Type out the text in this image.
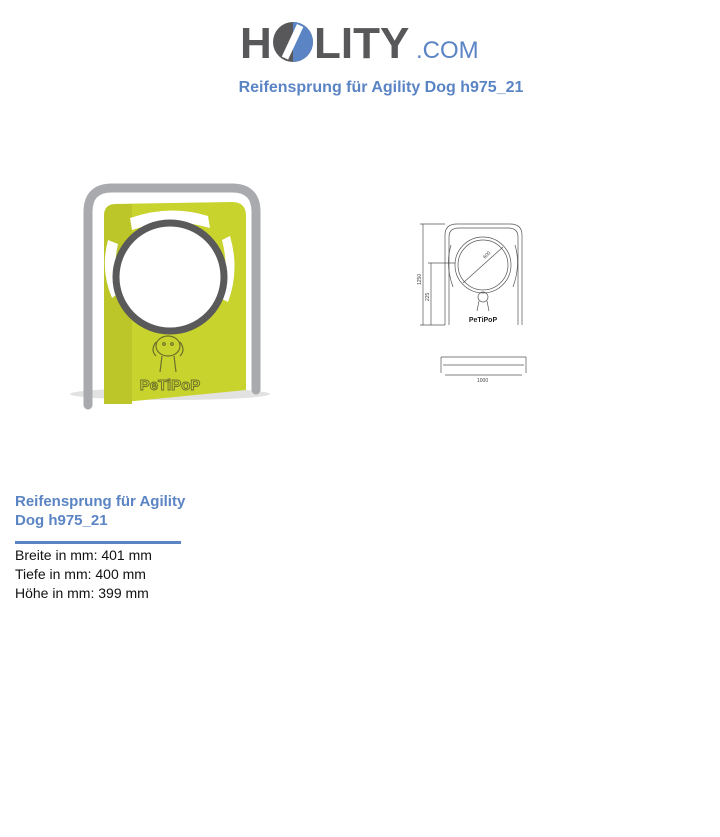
H LITY .COM
Reifensprung für Agility Dog h975_21
PeTiPoP
1250
225
600
1000
PeTiPoP
Reifensprung für Agility Dog h975_21
Breite in mm: 401 mm
Tiefe in mm: 400 mm
Höhe in mm: 399 mm
